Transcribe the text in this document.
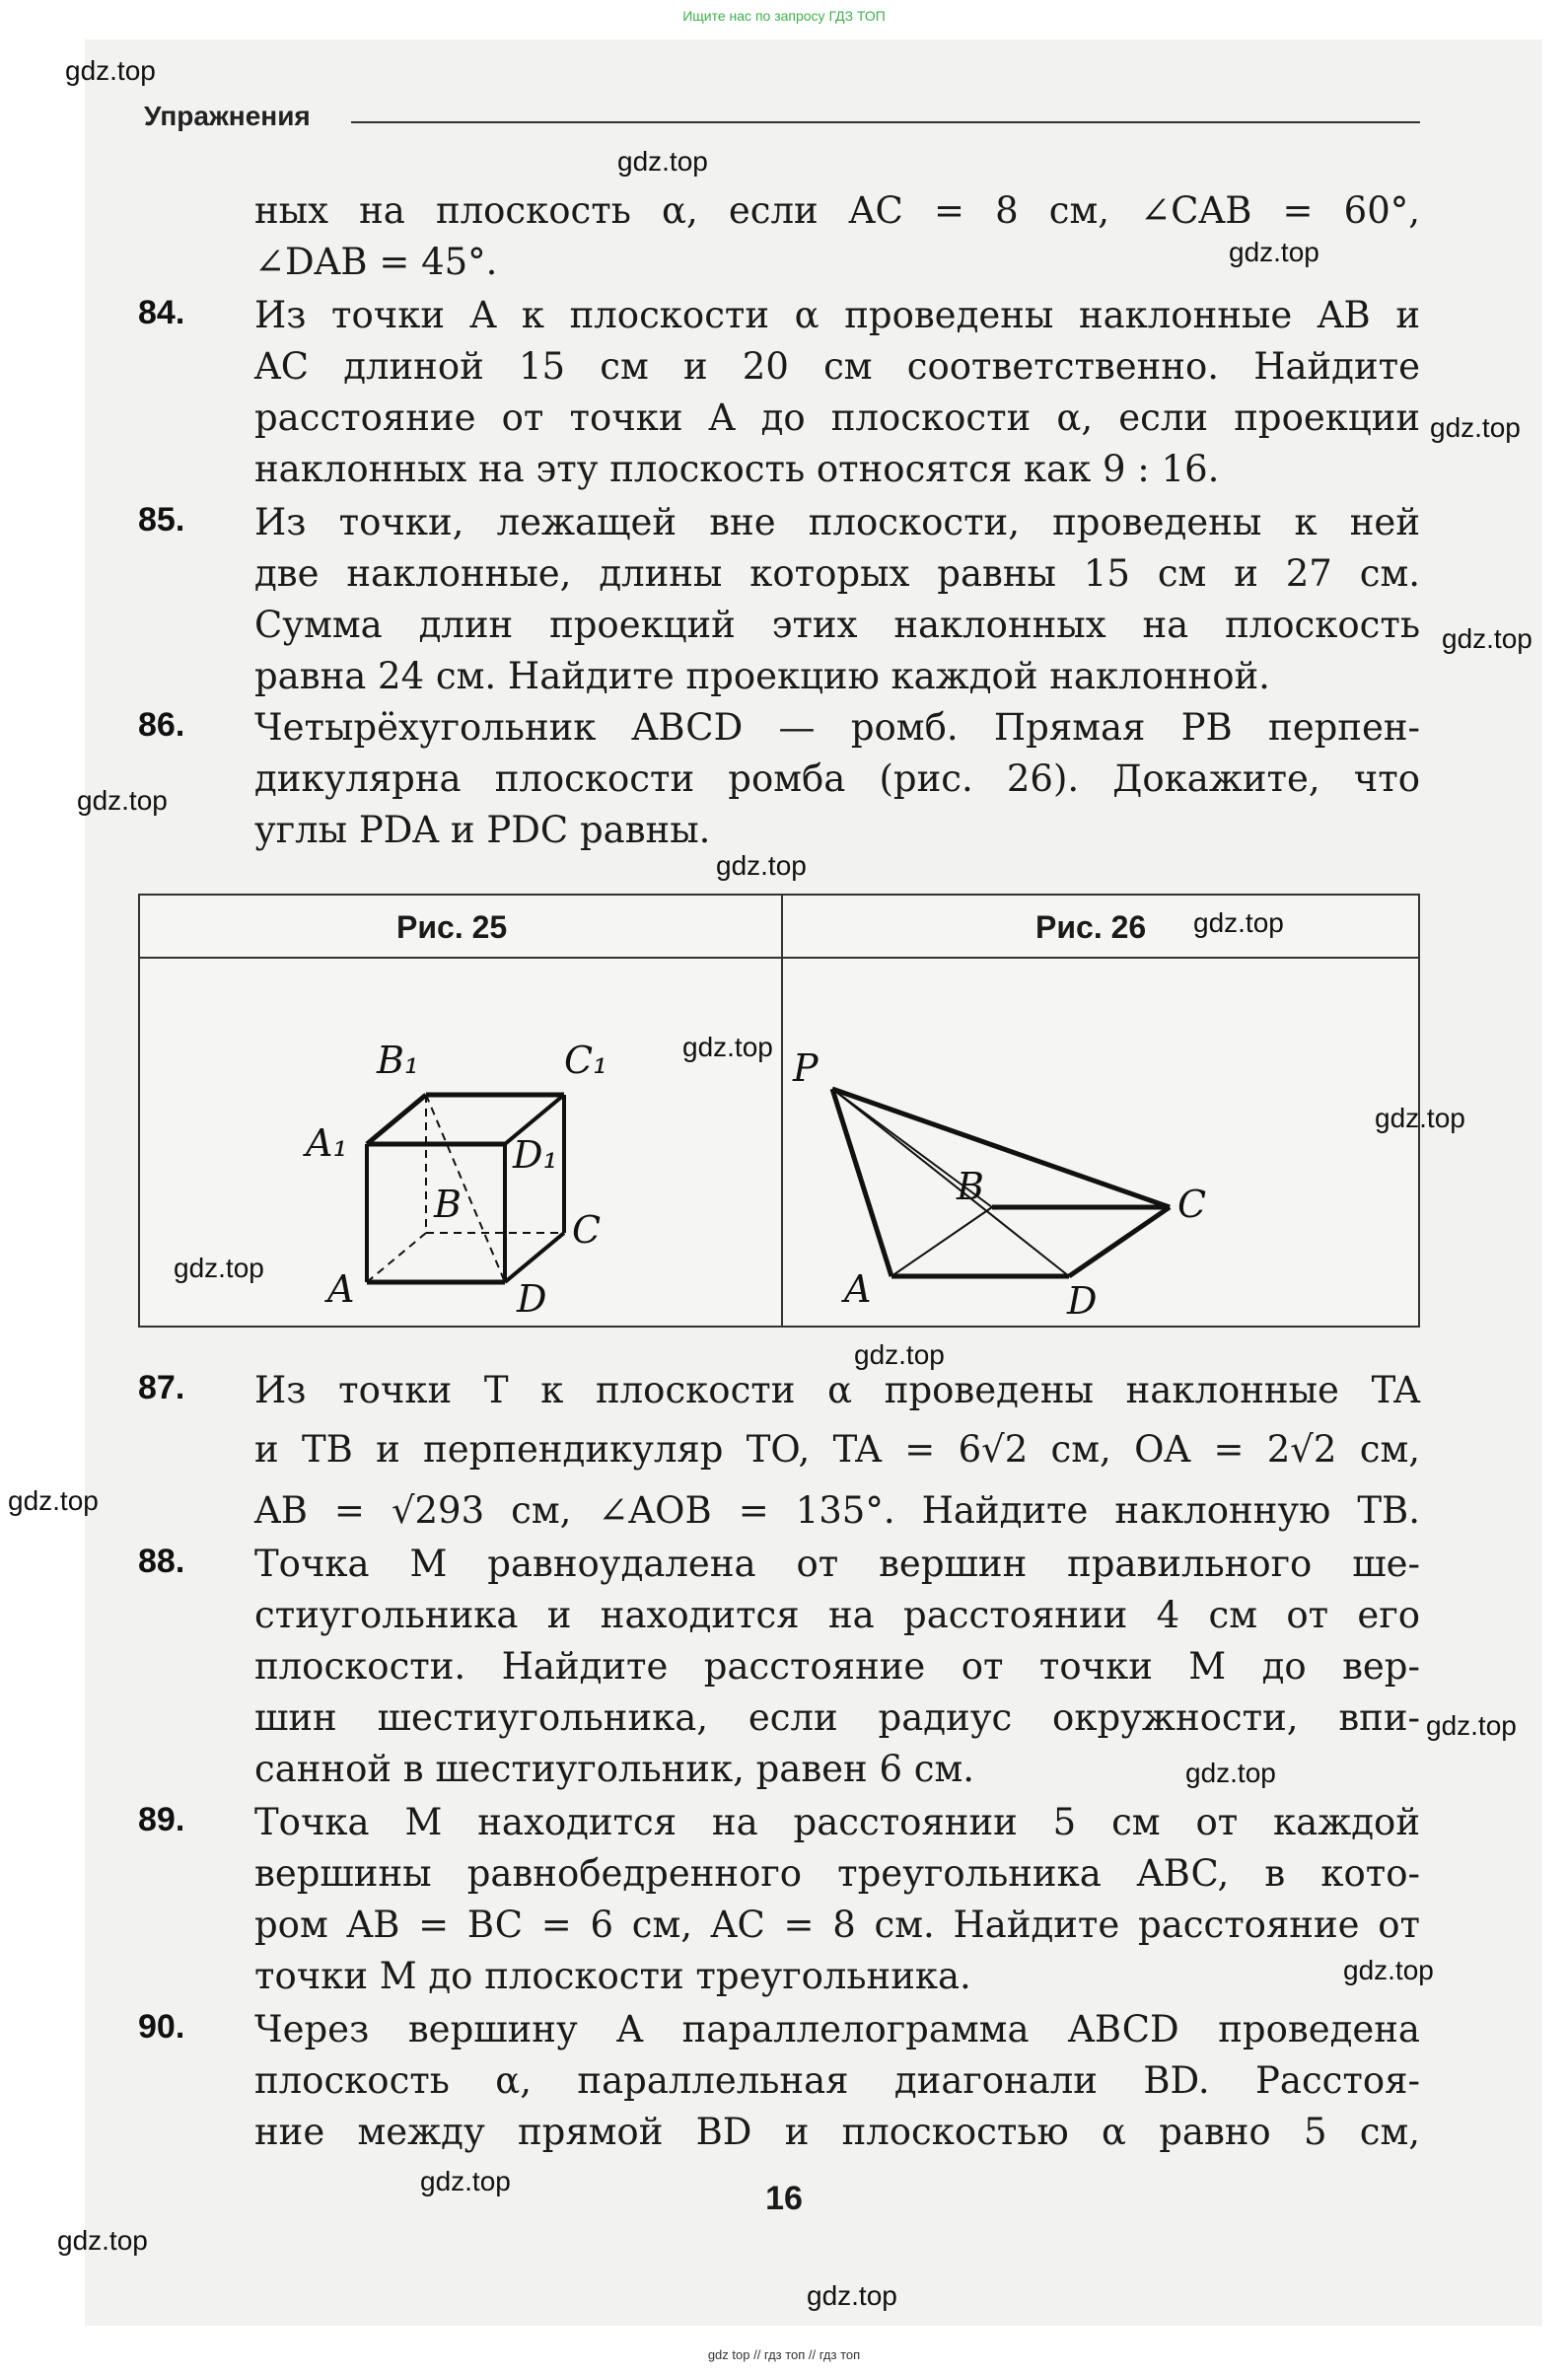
Ищите нас по запросу ГДЗ ТОП
Упражнения
ных на плоскость α, если AC = 8 см, ∠CAB = 60°,
∠DAB = 45°.
84. Из точки A к плоскости α проведены наклонные AB и
AC длиной 15 см и 20 см соответственно. Найдите
расстояние от точки A до плоскости α, если проекции
наклонных на эту плоскость относятся как 9 : 16.
85. Из точки, лежащей вне плоскости, проведены к ней
две наклонные, длины которых равны 15 см и 27 см.
Сумма длин проекций этих наклонных на плоскость
равна 24 см. Найдите проекцию каждой наклонной.
86. Четырёхугольник ABCD — ромб. Прямая PB перпен-
дикулярна плоскости ромба (рис. 26). Докажите, что
углы PDA и PDC равны.
Рис. 25	Рис. 26
B₁	C₁
A₁	D₁
B
C
A	D
P
B	C
A	D
87. Из точки T к плоскости α проведены наклонные TA
и TB и перпендикуляр TO, TA = 6√2 см, OA = 2√2 см,
AB = √293 см, ∠AOB = 135°. Найдите наклонную TB.
88. Точка M равноудалена от вершин правильного ше-
стиугольника и находится на расстоянии 4 см от его
плоскости. Найдите расстояние от точки M до вер-
шин шестиугольника, если радиус окружности, впи-
санной в шестиугольник, равен 6 см.
89. Точка M находится на расстоянии 5 см от каждой
вершины равнобедренного треугольника ABC, в кото-
ром AB = BC = 6 см, AC = 8 см. Найдите расстояние от
точки M до плоскости треугольника.
90. Через вершину A параллелограмма ABCD проведена
плоскость α, параллельная диагонали BD. Расстоя-
ние между прямой BD и плоскостью α равно 5 см,
16
gdz.top
gdz.top
gdz.top
gdz.top
gdz.top
gdz.top
gdz.top
gdz.top
gdz.top
gdz.top
gdz.top
gdz.top
gdz.top
gdz.top
gdz.top
gdz.top
gdz.top
gdz.top
gdz.top
gdz top // гдз топ // гдз топ
